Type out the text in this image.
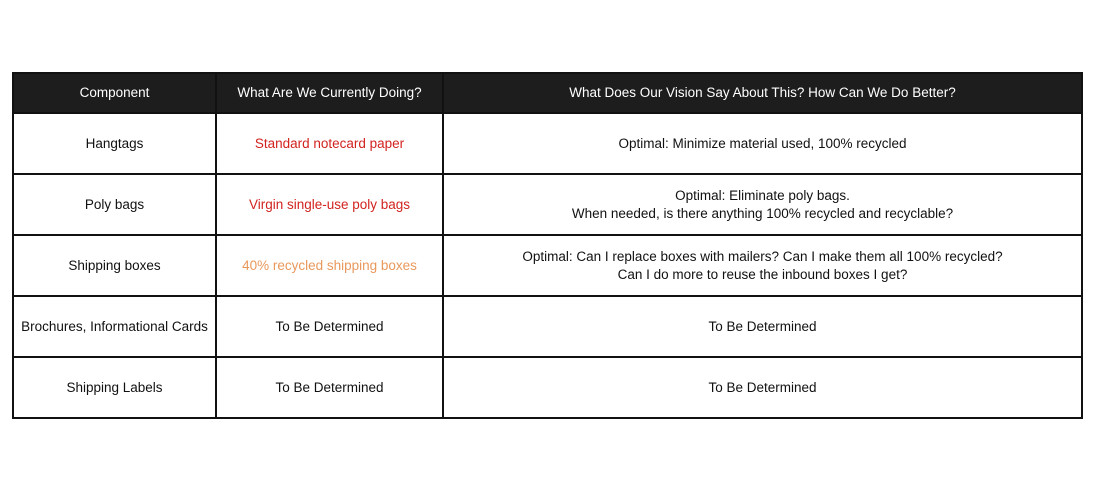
Component	What Are We Currently Doing?	What Does Our Vision Say About This? How Can We Do Better?
Hangtags	Standard notecard paper	Optimal: Minimize material used, 100% recycled

Poly bags	Virgin single-use poly bags	Optimal: Eliminate poly bags.
When needed, is there anything 100% recycled and recyclable?

Shipping boxes	40% recycled shipping boxes	Optimal: Can I replace boxes with mailers? Can I make them all 100% recycled?
Can I do more to reuse the inbound boxes I get?

Brochures, Informational Cards	To Be Determined	To Be Determined

Shipping Labels	To Be Determined	To Be Determined
